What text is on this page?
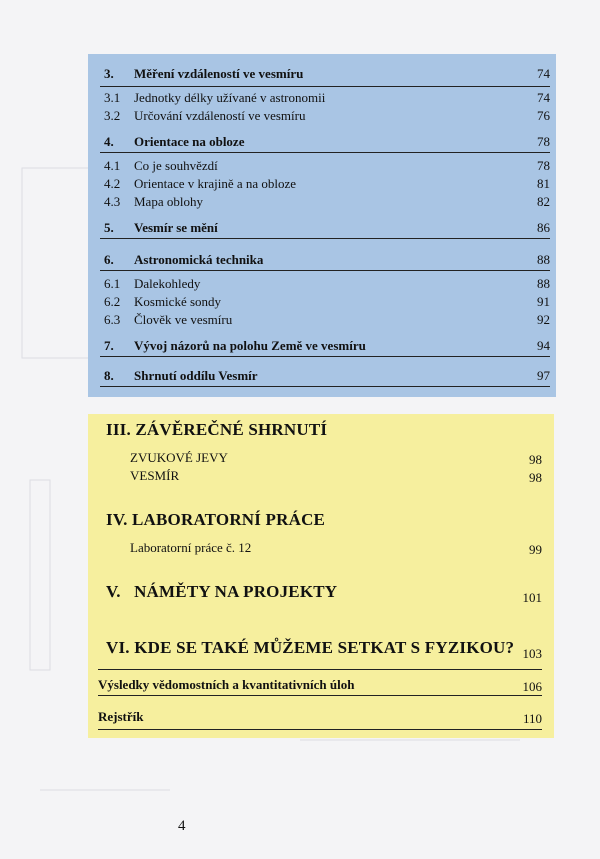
3. Měření vzdáleností ve vesmíru	74
3.1 Jednotky délky užívané v astronomii	74
3.2 Určování vzdáleností ve vesmíru	76
4. Orientace na obloze	78
4.1 Co je souhvězdí	78
4.2 Orientace v krajině a na obloze	81
4.3 Mapa oblohy	82
5. Vesmír se mění	86
6. Astronomická technika	88
6.1 Dalekohledy	88
6.2 Kosmické sondy	91
6.3 Člověk ve vesmíru	92
7. Vývoj názorů na polohu Země ve vesmíru	94
8. Shrnutí oddílu Vesmír	97
III. ZÁVĚREČNÉ SHRNUTÍ
ZVUKOVÉ JEVY	98
VESMÍR	98
IV. LABORATORNÍ PRÁCE
Laboratorní práce č. 12	99
V.   NÁMĚTY NA PROJEKTY	101
VI. KDE SE TAKÉ MŮŽEME SETKAT S FYZIKOU? 103
Výsledky vědomostních a kvantitativních úloh	106
Rejstřík	110
4
